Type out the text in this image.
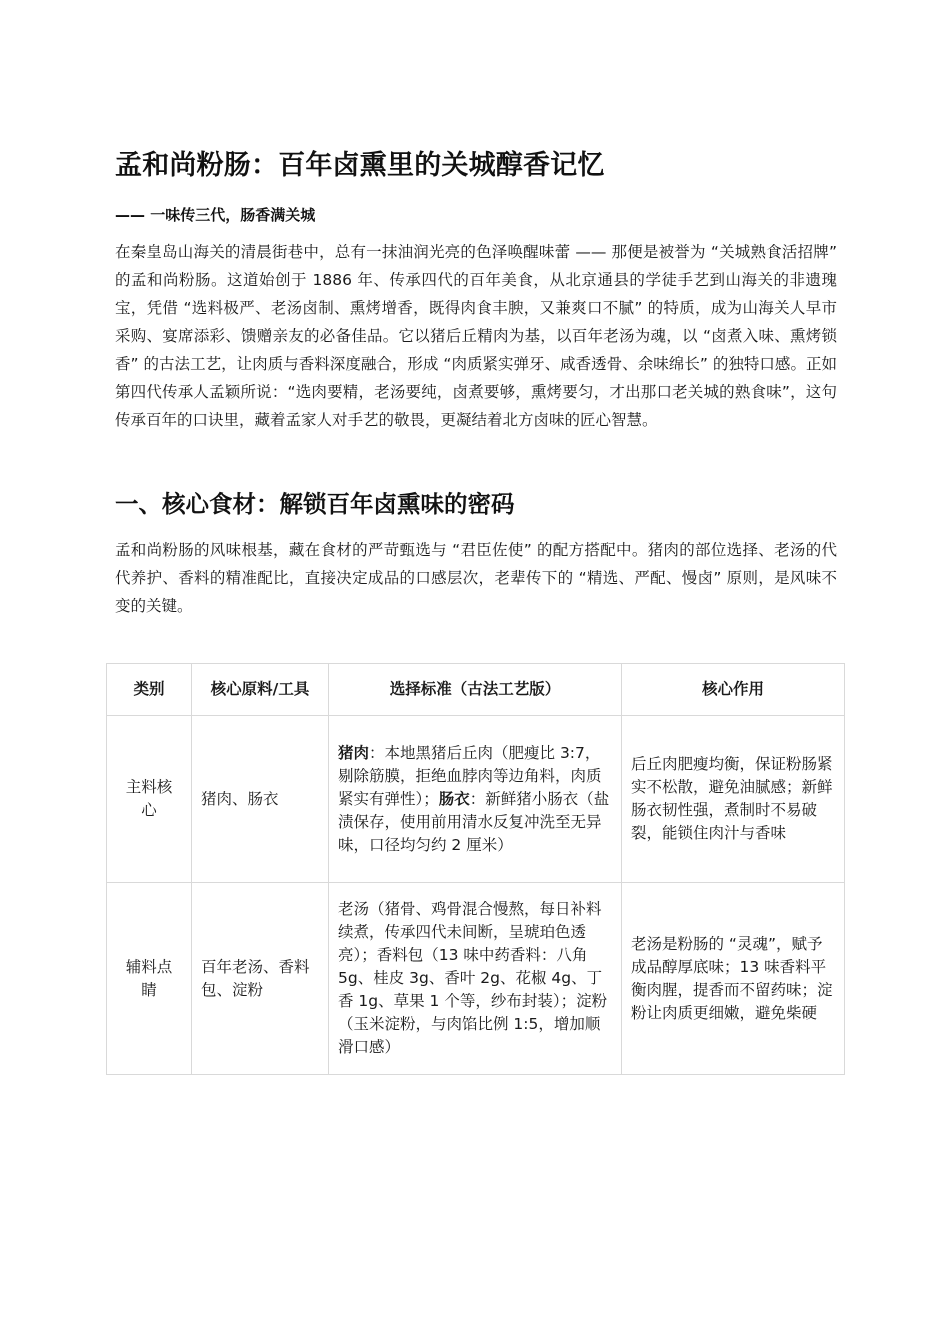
孟和尚粉肠：百年卤熏里的关城醇香记忆

—— 一味传三代，肠香满关城

在秦皇岛山海关的清晨街巷中，总有一抹油润光亮的色泽唤醒味蕾 —— 那便是被誉为 “关城熟食活招牌” 的孟和尚粉肠。这道始创于 1886 年、传承四代的百年美食，从北京通县的学徒手艺到山海关的非遗瑰宝，凭借 “选料极严、老汤卤制、熏烤增香，既得肉食丰腴，又兼爽口不腻” 的特质，成为山海关人早市采购、宴席添彩、馈赠亲友的必备佳品。它以猪后丘精肉为基，以百年老汤为魂，以 “卤煮入味、熏烤锁香” 的古法工艺，让肉质与香料深度融合，形成 “肉质紧实弹牙、咸香透骨、余味绵长” 的独特口感。正如第四代传承人孟颖所说：“选肉要精，老汤要纯，卤煮要够，熏烤要匀，才出那口老关城的熟食味”，这句传承百年的口诀里，藏着孟家人对手艺的敬畏，更凝结着北方卤味的匠心智慧。

一、核心食材：解锁百年卤熏味的密码

孟和尚粉肠的风味根基，藏在食材的严苛甄选与 “君臣佐使” 的配方搭配中。猪肉的部位选择、老汤的代代养护、香料的精准配比，直接决定成品的口感层次，老辈传下的 “精选、严配、慢卤” 原则，是风味不变的关键。

类别	核心原料/工具	选择标准（古法工艺版）	核心作用
主料核心	猪肉、肠衣	猪肉：本地黑猪后丘肉（肥瘦比 3:7，剔除筋膜，拒绝血脖肉等边角料，肉质紧实有弹性）；肠衣：新鲜猪小肠衣（盐渍保存，使用前用清水反复冲洗至无异味，口径均匀约 2 厘米）	后丘肉肥瘦均衡，保证粉肠紧实不松散，避免油腻感；新鲜肠衣韧性强，煮制时不易破裂，能锁住肉汁与香味
辅料点睛	百年老汤、香料包、淀粉	老汤（猪骨、鸡骨混合慢熬，每日补料续煮，传承四代未间断，呈琥珀色透亮）；香料包（13 味中药香料：八角 5g、桂皮 3g、香叶 2g、花椒 4g、丁香 1g、草果 1 个等，纱布封装）；淀粉（玉米淀粉，与肉馅比例 1:5，增加顺滑口感）	老汤是粉肠的 “灵魂”，赋予成品醇厚底味；13 味香料平衡肉腥，提香而不留药味；淀粉让肉质更细嫩，避免柴硬
